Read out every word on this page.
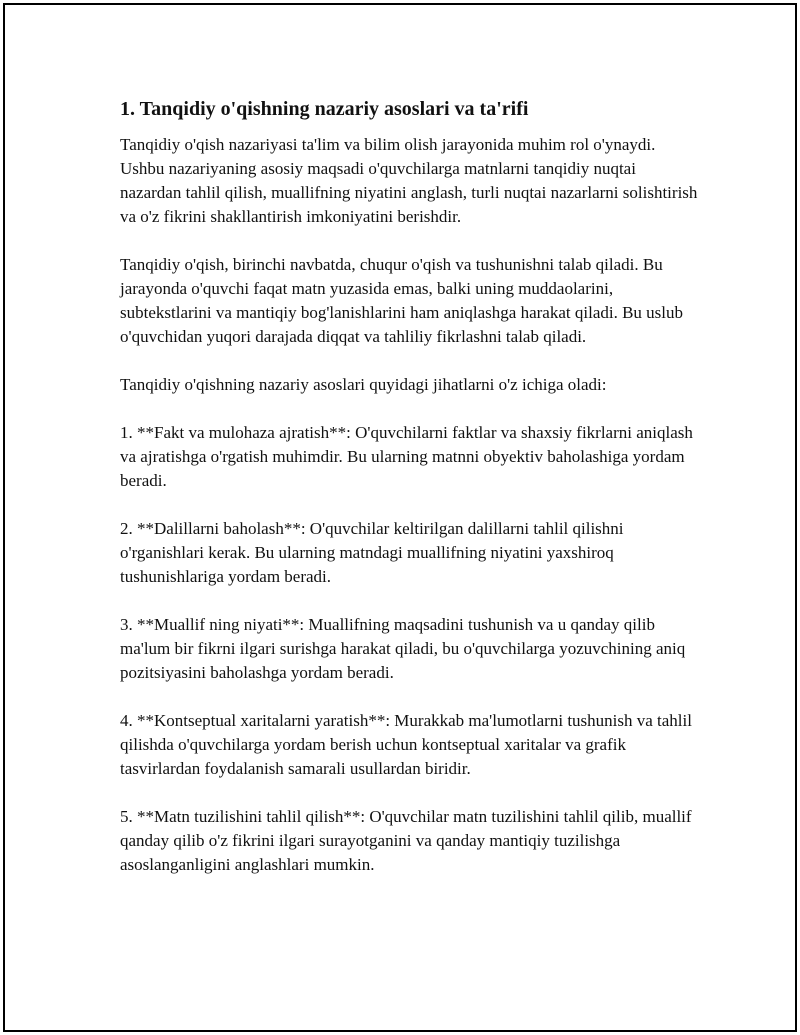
1. Tanqidiy o'qishning nazariy asoslari va ta'rifi

Tanqidiy o'qish nazariyasi ta'lim va bilim olish jarayonida muhim rol o'ynaydi. Ushbu nazariyaning asosiy maqsadi o'quvchilarga matnlarni tanqidiy nuqtai nazardan tahlil qilish, muallifning niyatini anglash, turli nuqtai nazarlarni solishtirish va o'z fikrini shakllantirish imkoniyatini berishdir.

Tanqidiy o'qish, birinchi navbatda, chuqur o'qish va tushunishni talab qiladi. Bu jarayonda o'quvchi faqat matn yuzasida emas, balki uning muddaolarini, subtekstlarini va mantiqiy bog'lanishlarini ham aniqlashga harakat qiladi. Bu uslub o'quvchidan yuqori darajada diqqat va tahliliy fikrlashni talab qiladi.

Tanqidiy o'qishning nazariy asoslari quyidagi jihatlarni o'z ichiga oladi:

1. **Fakt va mulohaza ajratish**: O'quvchilarni faktlar va shaxsiy fikrlarni aniqlash va ajratishga o'rgatish muhimdir. Bu ularning matnni obyektiv baholashiga yordam beradi.

2. **Dalillarni baholash**: O'quvchilar keltirilgan dalillarni tahlil qilishni o'rganishlari kerak. Bu ularning matndagi muallifning niyatini yaxshiroq tushunishlariga yordam beradi.

3. **Muallif ning niyati**: Muallifning maqsadini tushunish va u qanday qilib ma'lum bir fikrni ilgari surishga harakat qiladi, bu o'quvchilarga yozuvchining aniq pozitsiyasini baholashga yordam beradi.

4. **Kontseptual xaritalarni yaratish**: Murakkab ma'lumotlarni tushunish va tahlil qilishda o'quvchilarga yordam berish uchun kontseptual xaritalar va grafik tasvirlardan foydalanish samarali usullardan biridir.

5. **Matn tuzilishini tahlil qilish**: O'quvchilar matn tuzilishini tahlil qilib, muallif qanday qilib o'z fikrini ilgari surayotganini va qanday mantiqiy tuzilishga asoslanganligini anglashlari mumkin.
